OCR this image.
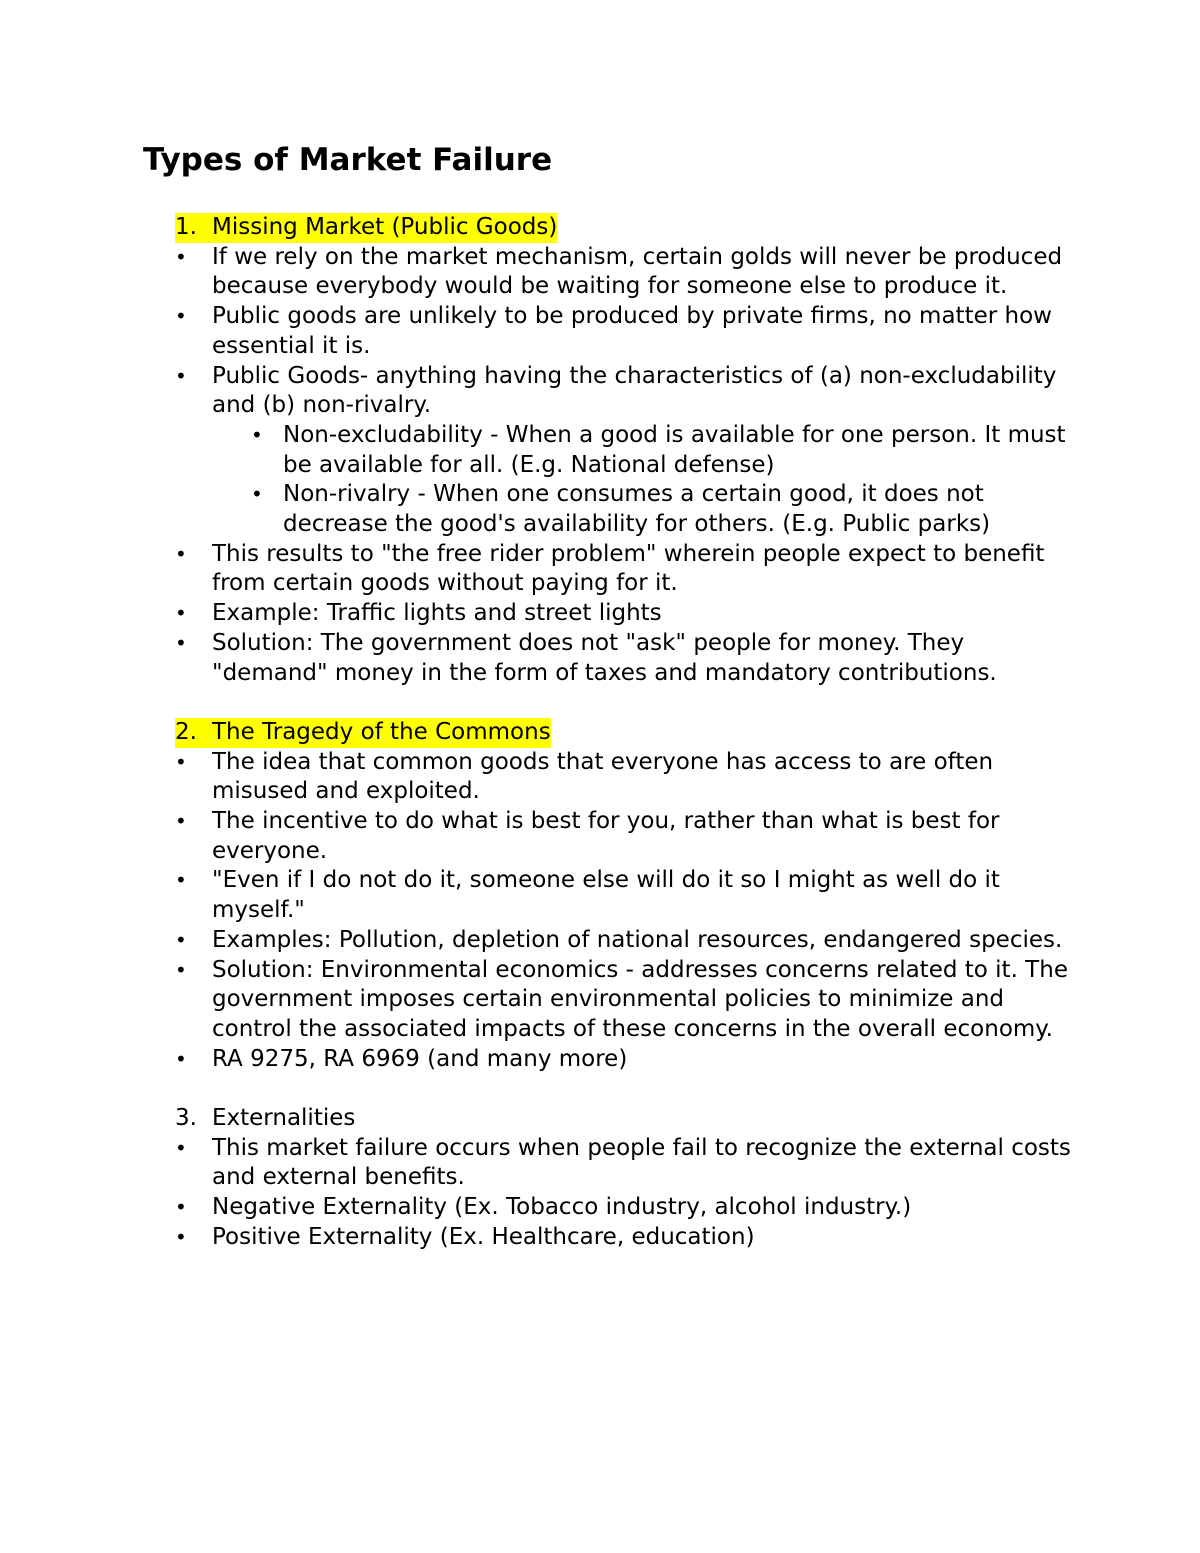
Types of Market Failure
1. Missing Market (Public Goods)
• If we rely on the market mechanism, certain golds will never be produced because everybody would be waiting for someone else to produce it.
• Public goods are unlikely to be produced by private firms, no matter how essential it is.
• Public Goods- anything having the characteristics of (a) non-excludability and (b) non-rivalry.
• Non-excludability - When a good is available for one person. It must be available for all. (E.g. National defense)
• Non-rivalry - When one consumes a certain good, it does not decrease the good's availability for others. (E.g. Public parks)
• This results to "the free rider problem" wherein people expect to benefit from certain goods without paying for it.
• Example: Traffic lights and street lights
• Solution: The government does not "ask" people for money. They "demand" money in the form of taxes and mandatory contributions.
2. The Tragedy of the Commons
• The idea that common goods that everyone has access to are often misused and exploited.
• The incentive to do what is best for you, rather than what is best for everyone.
• "Even if I do not do it, someone else will do it so I might as well do it myself."
• Examples: Pollution, depletion of national resources, endangered species.
• Solution: Environmental economics - addresses concerns related to it. The government imposes certain environmental policies to minimize and control the associated impacts of these concerns in the overall economy.
• RA 9275, RA 6969 (and many more)
3. Externalities
• This market failure occurs when people fail to recognize the external costs and external benefits.
• Negative Externality (Ex. Tobacco industry, alcohol industry.)
• Positive Externality (Ex. Healthcare, education)
